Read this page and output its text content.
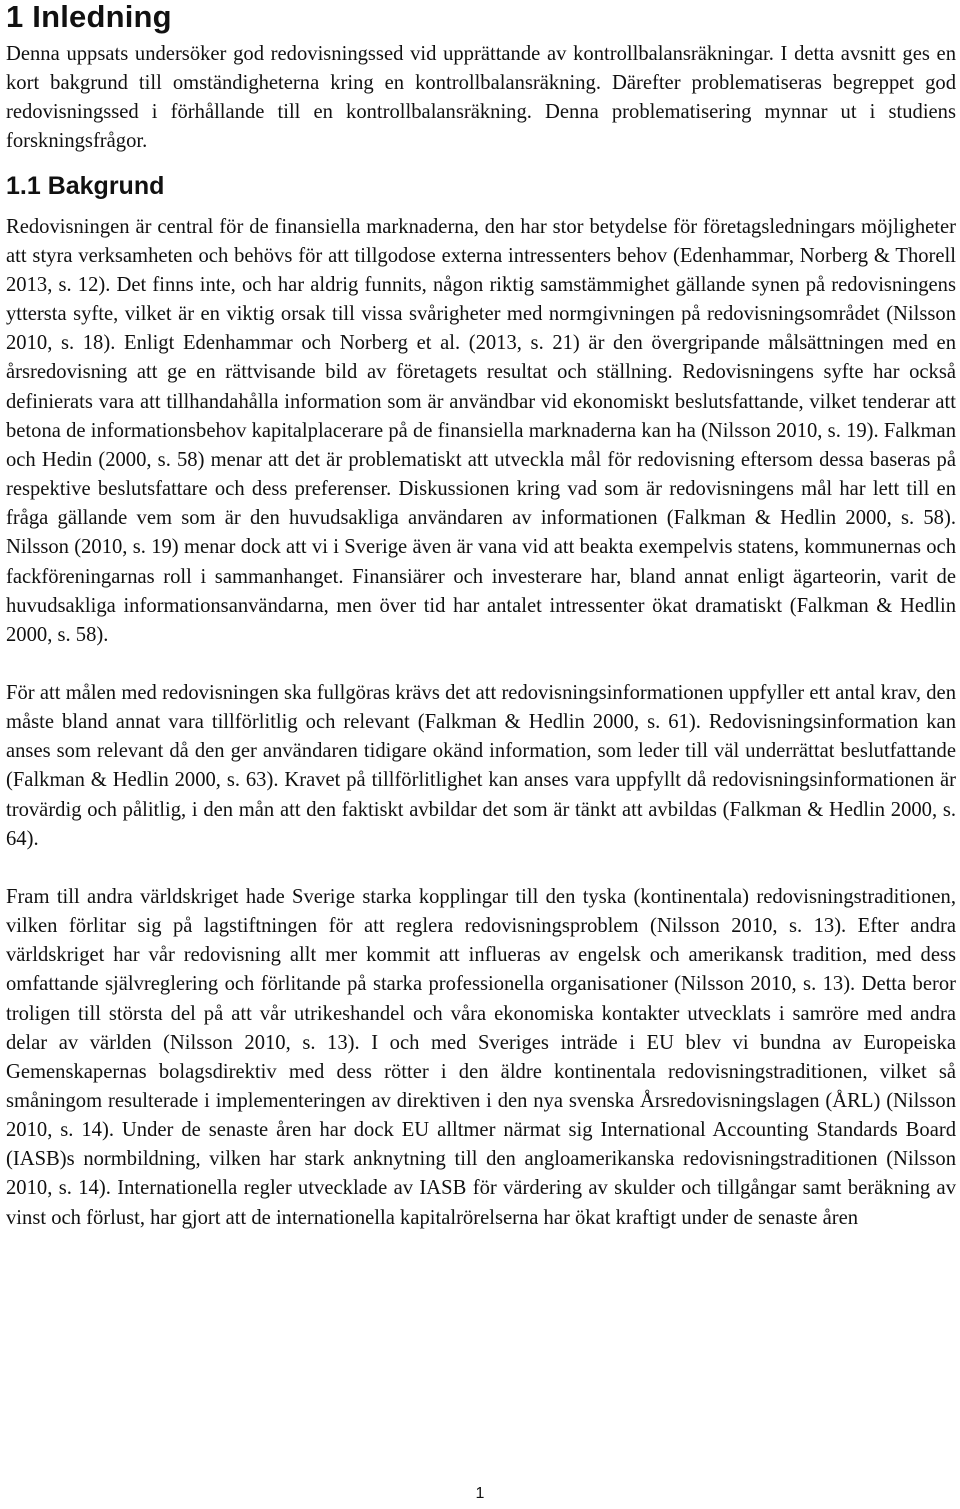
1 Inledning

Denna uppsats undersöker god redovisningssed vid upprättande av kontrollbalansräkningar. I detta avsnitt ges en kort bakgrund till omständigheterna kring en kontrollbalansräkning. Därefter problematiseras begreppet god redovisningssed i förhållande till en kontrollbalansräkning. Denna problematisering mynnar ut i studiens forskningsfrågor.

1.1 Bakgrund

Redovisningen är central för de finansiella marknaderna, den har stor betydelse för företagsledningars möjligheter att styra verksamheten och behövs för att tillgodose externa intressenters behov (Edenhammar, Norberg & Thorell 2013, s. 12). Det finns inte, och har aldrig funnits, någon riktig samstämmighet gällande synen på redovisningens yttersta syfte, vilket är en viktig orsak till vissa svårigheter med normgivningen på redovisningsområdet (Nilsson 2010, s. 18). Enligt Edenhammar och Norberg et al. (2013, s. 21) är den övergripande målsättningen med en årsredovisning att ge en rättvisande bild av företagets resultat och ställning. Redovisningens syfte har också definierats vara att tillhandahålla information som är användbar vid ekonomiskt beslutsfattande, vilket tenderar att betona de informationsbehov kapitalplacerare på de finansiella marknaderna kan ha (Nilsson 2010, s. 19). Falkman och Hedin (2000, s. 58) menar att det är problematiskt att utveckla mål för redovisning eftersom dessa baseras på respektive beslutsfattare och dess preferenser. Diskussionen kring vad som är redovisningens mål har lett till en fråga gällande vem som är den huvudsakliga användaren av informationen (Falkman & Hedlin 2000, s. 58). Nilsson (2010, s. 19) menar dock att vi i Sverige även är vana vid att beakta exempelvis statens, kommunernas och fackföreningarnas roll i sammanhanget. Finansiärer och investerare har, bland annat enligt ägarteorin, varit de huvudsakliga informationsanvändarna, men över tid har antalet intressenter ökat dramatiskt (Falkman & Hedlin 2000, s. 58).

För att målen med redovisningen ska fullgöras krävs det att redovisningsinformationen uppfyller ett antal krav, den måste bland annat vara tillförlitlig och relevant (Falkman & Hedlin 2000, s. 61). Redovisningsinformation kan anses som relevant då den ger användaren tidigare okänd information, som leder till väl underrättat beslutfattande (Falkman & Hedlin 2000, s. 63). Kravet på tillförlitlighet kan anses vara uppfyllt då redovisningsinformationen är trovärdig och pålitlig, i den mån att den faktiskt avbildar det som är tänkt att avbildas (Falkman & Hedlin 2000, s. 64).

Fram till andra världskriget hade Sverige starka kopplingar till den tyska (kontinentala) redovisningstraditionen, vilken förlitar sig på lagstiftningen för att reglera redovisningsproblem (Nilsson 2010, s. 13). Efter andra världskriget har vår redovisning allt mer kommit att influeras av engelsk och amerikansk tradition, med dess omfattande självreglering och förlitande på starka professionella organisationer (Nilsson 2010, s. 13). Detta beror troligen till största del på att vår utrikeshandel och våra ekonomiska kontakter utvecklats i samröre med andra delar av världen (Nilsson 2010, s. 13). I och med Sveriges inträde i EU blev vi bundna av Europeiska Gemenskapernas bolagsdirektiv med dess rötter i den äldre kontinentala redovisningstraditionen, vilket så småningom resulterade i implementeringen av direktiven i den nya svenska Årsredovisningslagen (ÅRL) (Nilsson 2010, s. 14). Under de senaste åren har dock EU alltmer närmat sig International Accounting Standards Board (IASB)s normbildning, vilken har stark anknytning till den angloamerikanska redovisningstraditionen (Nilsson 2010, s. 14). Internationella regler utvecklade av IASB för värdering av skulder och tillgångar samt beräkning av vinst och förlust, har gjort att de internationella kapitalrörelserna har ökat kraftigt under de senaste åren

1
